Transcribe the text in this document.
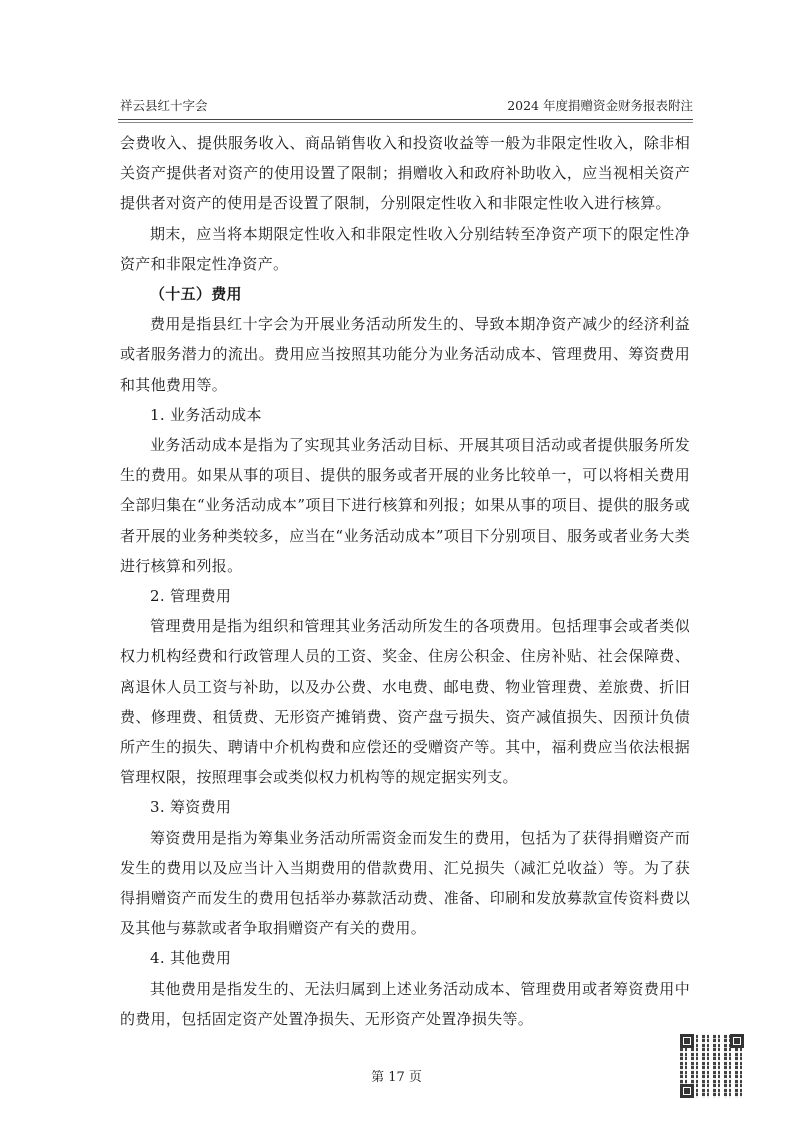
祥云县红十字会	2024 年度捐赠资金财务报表附注

会费收入、提供服务收入、商品销售收入和投资收益等一般为非限定性收入，除非相关资产提供者对资产的使用设置了限制；捐赠收入和政府补助收入，应当视相关资产提供者对资产的使用是否设置了限制，分别限定性收入和非限定性收入进行核算。

期末，应当将本期限定性收入和非限定性收入分别结转至净资产项下的限定性净资产和非限定性净资产。

（十五）费用

费用是指县红十字会为开展业务活动所发生的、导致本期净资产减少的经济利益或者服务潜力的流出。费用应当按照其功能分为业务活动成本、管理费用、筹资费用和其他费用等。

1. 业务活动成本

业务活动成本是指为了实现其业务活动目标、开展其项目活动或者提供服务所发生的费用。如果从事的项目、提供的服务或者开展的业务比较单一，可以将相关费用全部归集在“业务活动成本”项目下进行核算和列报；如果从事的项目、提供的服务或者开展的业务种类较多，应当在“业务活动成本”项目下分别项目、服务或者业务大类进行核算和列报。

2. 管理费用

管理费用是指为组织和管理其业务活动所发生的各项费用。包括理事会或者类似权力机构经费和行政管理人员的工资、奖金、住房公积金、住房补贴、社会保障费、离退休人员工资与补助，以及办公费、水电费、邮电费、物业管理费、差旅费、折旧费、修理费、租赁费、无形资产摊销费、资产盘亏损失、资产减值损失、因预计负债所产生的损失、聘请中介机构费和应偿还的受赠资产等。其中，福利费应当依法根据管理权限，按照理事会或类似权力机构等的规定据实列支。

3. 筹资费用

筹资费用是指为筹集业务活动所需资金而发生的费用，包括为了获得捐赠资产而发生的费用以及应当计入当期费用的借款费用、汇兑损失（减汇兑收益）等。为了获得捐赠资产而发生的费用包括举办募款活动费、准备、印刷和发放募款宣传资料费以及其他与募款或者争取捐赠资产有关的费用。

4. 其他费用

其他费用是指发生的、无法归属到上述业务活动成本、管理费用或者筹资费用中的费用，包括固定资产处置净损失、无形资产处置净损失等。

第 17 页
